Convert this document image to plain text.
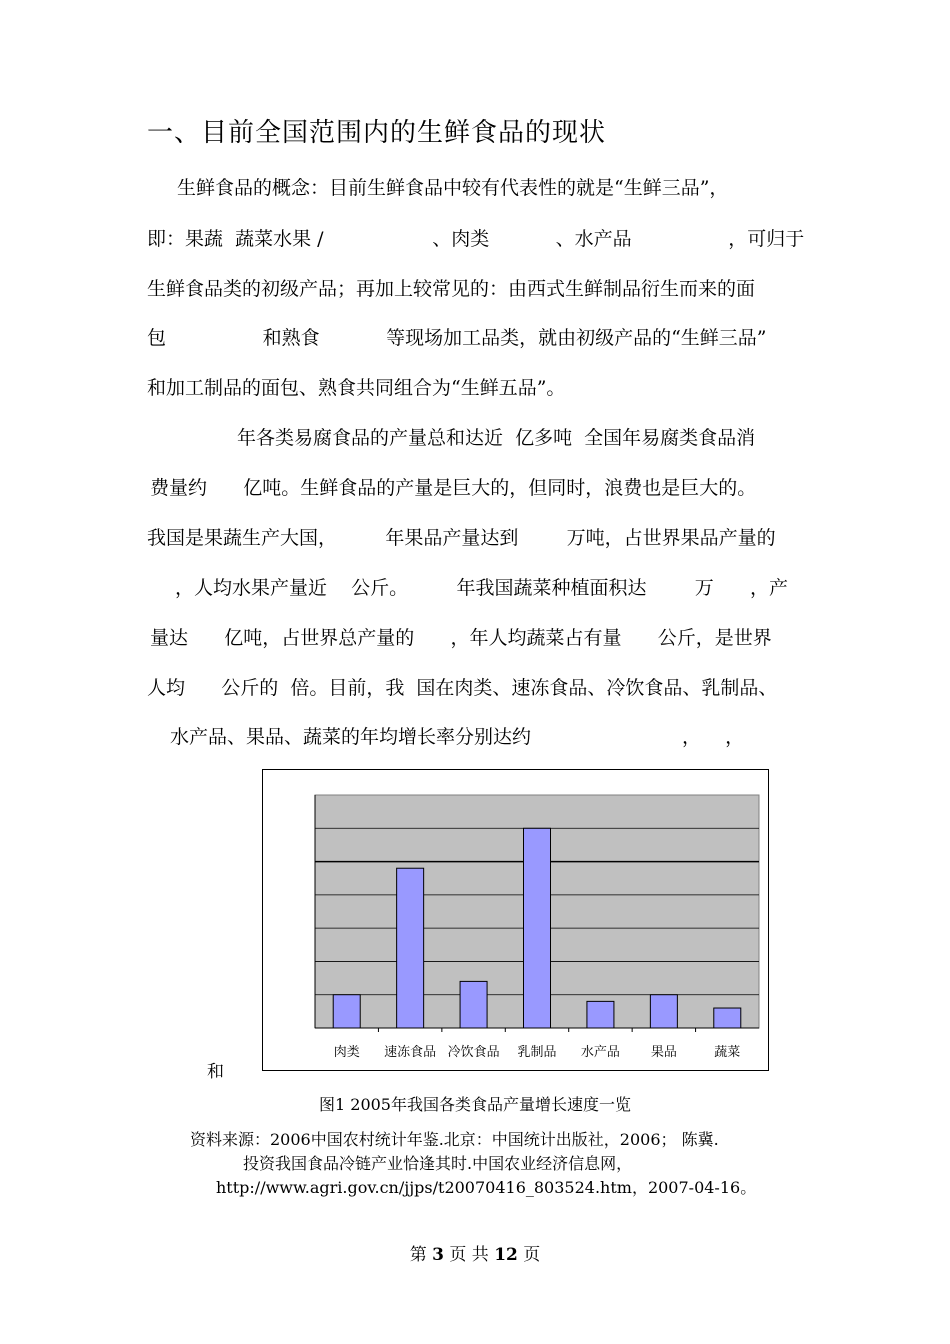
一、目前全国范围内的生鲜食品的现状
生鲜食品的概念：目前生鲜食品中较有代表性的就是“生鲜三品”，
即：果蔬  蔬菜水果 /                  、肉类           、水产品                ，可归于
生鲜食品类的初级产品；再加上较常见的：由西式生鲜制品衍生而来的面
包                和熟食           等现场加工品类，就由初级产品的“生鲜三品”
和加工制品的面包、熟食共同组合为“生鲜五品”。
年各类易腐食品的产量总和达近  亿多吨  全国年易腐类食品消
费量约      亿吨。生鲜食品的产量是巨大的，但同时，浪费也是巨大的。
我国是果蔬生产大国，        年果品产量达到        万吨，占世界果品产量的
，人均水果产量近    公斤。        年我国蔬菜种植面积达        万      ，产
量达      亿吨，占世界总产量的      ，年人均蔬菜占有量      公斤，是世界
人均      公斤的  倍。目前，我  国在肉类、速冻食品、冷饮食品、乳制品、
水产品、果品、蔬菜的年均增长率分别达约                         ，    ，
肉类 速冻食品 冷饮食品 乳制品 水产品 果品	蔬菜
和
图1 2005年我国各类食品产量增长速度一览
资料来源：2006中国农村统计年鉴.北京：中国统计出版社，2006； 陈冀.
投资我国食品冷链产业恰逢其时.中国农业经济信息网，
http://www.agri.gov.cn/jjps/t20070416_803524.htm，2007-04-16。
第 3 页 共 12 页
